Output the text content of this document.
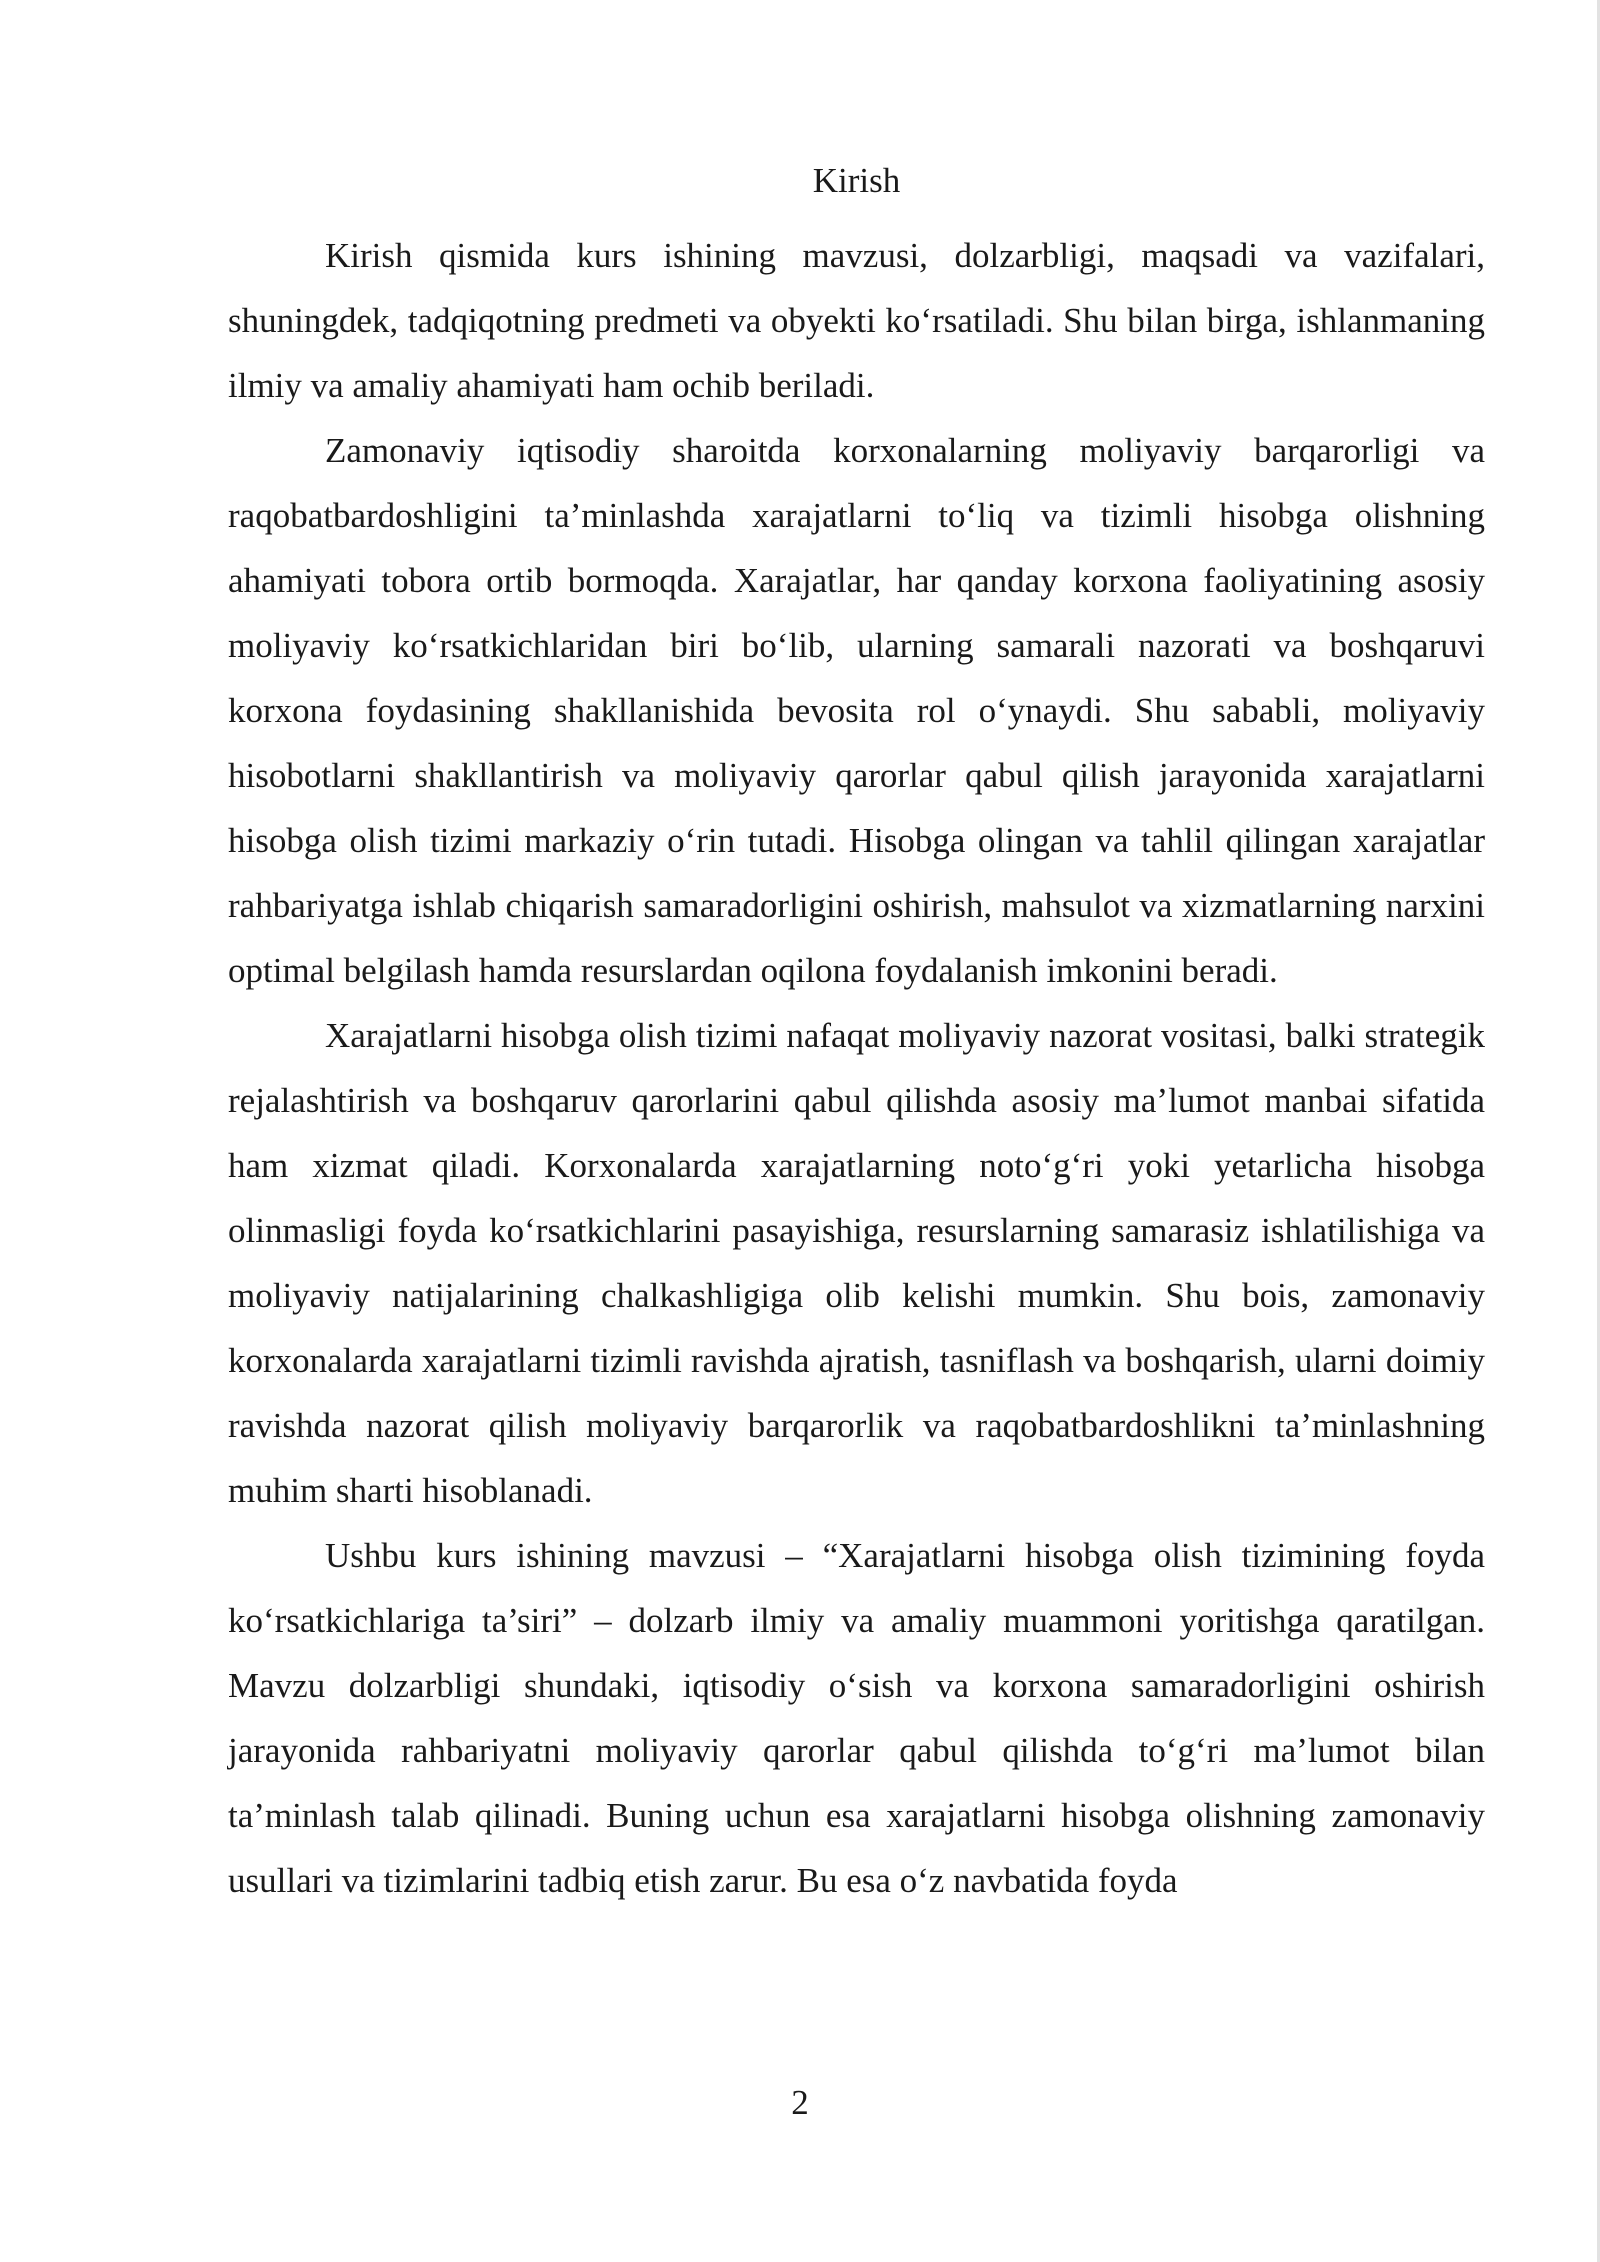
Kirish

Kirish qismida kurs ishining mavzusi, dolzarbligi, maqsadi va vazifalari, shuningdek, tadqiqotning predmeti va obyekti ko‘rsatiladi. Shu bilan birga, ishlanmaning ilmiy va amaliy ahamiyati ham ochib beriladi.

Zamonaviy iqtisodiy sharoitda korxonalarning moliyaviy barqarorligi va raqobatbardoshligini ta’minlashda xarajatlarni to‘liq va tizimli hisobga olishning ahamiyati tobora ortib bormoqda. Xarajatlar, har qanday korxona faoliyatining asosiy moliyaviy ko‘rsatkichlaridan biri bo‘lib, ularning samarali nazorati va boshqaruvi korxona foydasining shakllanishida bevosita rol o‘ynaydi. Shu sababli, moliyaviy hisobotlarni shakllantirish va moliyaviy qarorlar qabul qilish jarayonida xarajatlarni hisobga olish tizimi markaziy o‘rin tutadi. Hisobga olingan va tahlil qilingan xarajatlar rahbariyatga ishlab chiqarish samaradorligini oshirish, mahsulot va xizmatlarning narxini optimal belgilash hamda resurslardan oqilona foydalanish imkonini beradi.

Xarajatlarni hisobga olish tizimi nafaqat moliyaviy nazorat vositasi, balki strategik rejalashtirish va boshqaruv qarorlarini qabul qilishda asosiy ma’lumot manbai sifatida ham xizmat qiladi. Korxonalarda xarajatlarning noto‘g‘ri yoki yetarlicha hisobga olinmasligi foyda ko‘rsatkichlarini pasayishiga, resurslarning samarasiz ishlatilishiga va moliyaviy natijalarining chalkashligiga olib kelishi mumkin. Shu bois, zamonaviy korxonalarda xarajatlarni tizimli ravishda ajratish, tasniflash va boshqarish, ularni doimiy ravishda nazorat qilish moliyaviy barqarorlik va raqobatbardoshlikni ta’minlashning muhim sharti hisoblanadi.

Ushbu kurs ishining mavzusi – “Xarajatlarni hisobga olish tizimining foyda ko‘rsatkichlariga ta’siri” – dolzarb ilmiy va amaliy muammoni yoritishga qaratilgan. Mavzu dolzarbligi shundaki, iqtisodiy o‘sish va korxona samaradorligini oshirish jarayonida rahbariyatni moliyaviy qarorlar qabul qilishda to‘g‘ri ma’lumot bilan ta’minlash talab qilinadi. Buning uchun esa xarajatlarni hisobga olishning zamonaviy usullari va tizimlarini tadbiq etish zarur. Bu esa o‘z navbatida foyda

2
